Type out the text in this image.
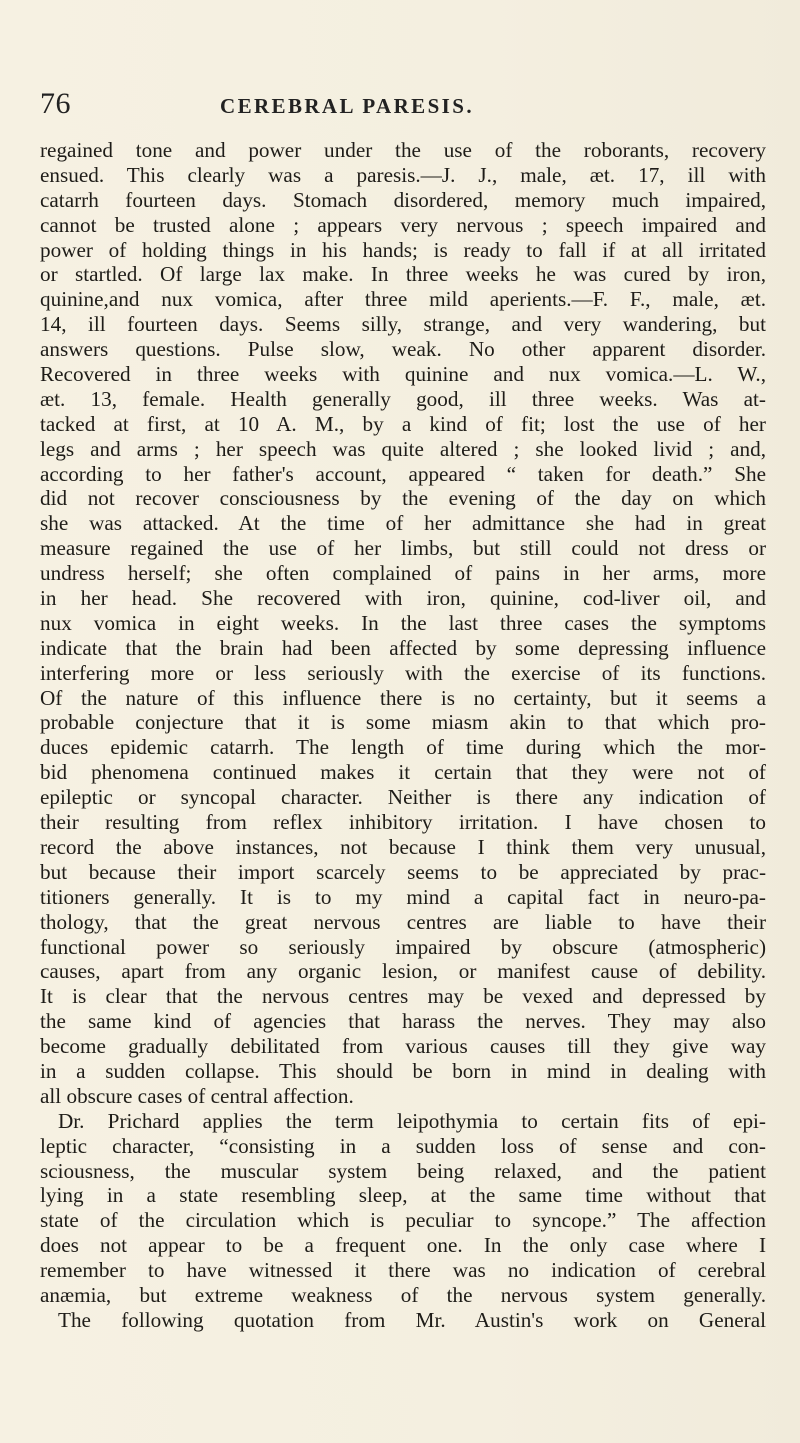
76	CEREBRAL PARESIS.
regained tone and power under the use of the roborants, recovery
ensued. This clearly was a paresis.—J. J., male, æt. 17, ill with
catarrh fourteen days. Stomach disordered, memory much impaired,
cannot be trusted alone ; appears very nervous ; speech impaired and
power of holding things in his hands; is ready to fall if at all irritated
or startled. Of large lax make. In three weeks he was cured by iron,
quinine,and nux vomica, after three mild aperients.—F. F., male, æt.
14, ill fourteen days. Seems silly, strange, and very wandering, but
answers questions. Pulse slow, weak. No other apparent disorder.
Recovered in three weeks with quinine and nux vomica.—L. W.,
æt. 13, female. Health generally good, ill three weeks. Was at-
tacked at first, at 10 A. M., by a kind of fit; lost the use of her
legs and arms ; her speech was quite altered ; she looked livid ; and,
according to her father's account, appeared “ taken for death.” She
did not recover consciousness by the evening of the day on which
she was attacked. At the time of her admittance she had in great
measure regained the use of her limbs, but still could not dress or
undress herself; she often complained of pains in her arms, more
in her head. She recovered with iron, quinine, cod-liver oil, and
nux vomica in eight weeks. In the last three cases the symptoms
indicate that the brain had been affected by some depressing influence
interfering more or less seriously with the exercise of its functions.
Of the nature of this influence there is no certainty, but it seems a
probable conjecture that it is some miasm akin to that which pro-
duces epidemic catarrh. The length of time during which the mor-
bid phenomena continued makes it certain that they were not of
epileptic or syncopal character. Neither is there any indication of
their resulting from reflex inhibitory irritation. I have chosen to
record the above instances, not because I think them very unusual,
but because their import scarcely seems to be appreciated by prac-
titioners generally. It is to my mind a capital fact in neuro-pa-
thology, that the great nervous centres are liable to have their
functional power so seriously impaired by obscure (atmospheric)
causes, apart from any organic lesion, or manifest cause of debility.
It is clear that the nervous centres may be vexed and depressed by
the same kind of agencies that harass the nerves. They may also
become gradually debilitated from various causes till they give way
in a sudden collapse. This should be born in mind in dealing with
all obscure cases of central affection.
Dr. Prichard applies the term leipothymia to certain fits of epi-
leptic character, “consisting in a sudden loss of sense and con-
sciousness, the muscular system being relaxed, and the patient
lying in a state resembling sleep, at the same time without that
state of the circulation which is peculiar to syncope.” The affection
does not appear to be a frequent one. In the only case where I
remember to have witnessed it there was no indication of cerebral
anæmia, but extreme weakness of the nervous system generally.
The following quotation from Mr. Austin's work on General
